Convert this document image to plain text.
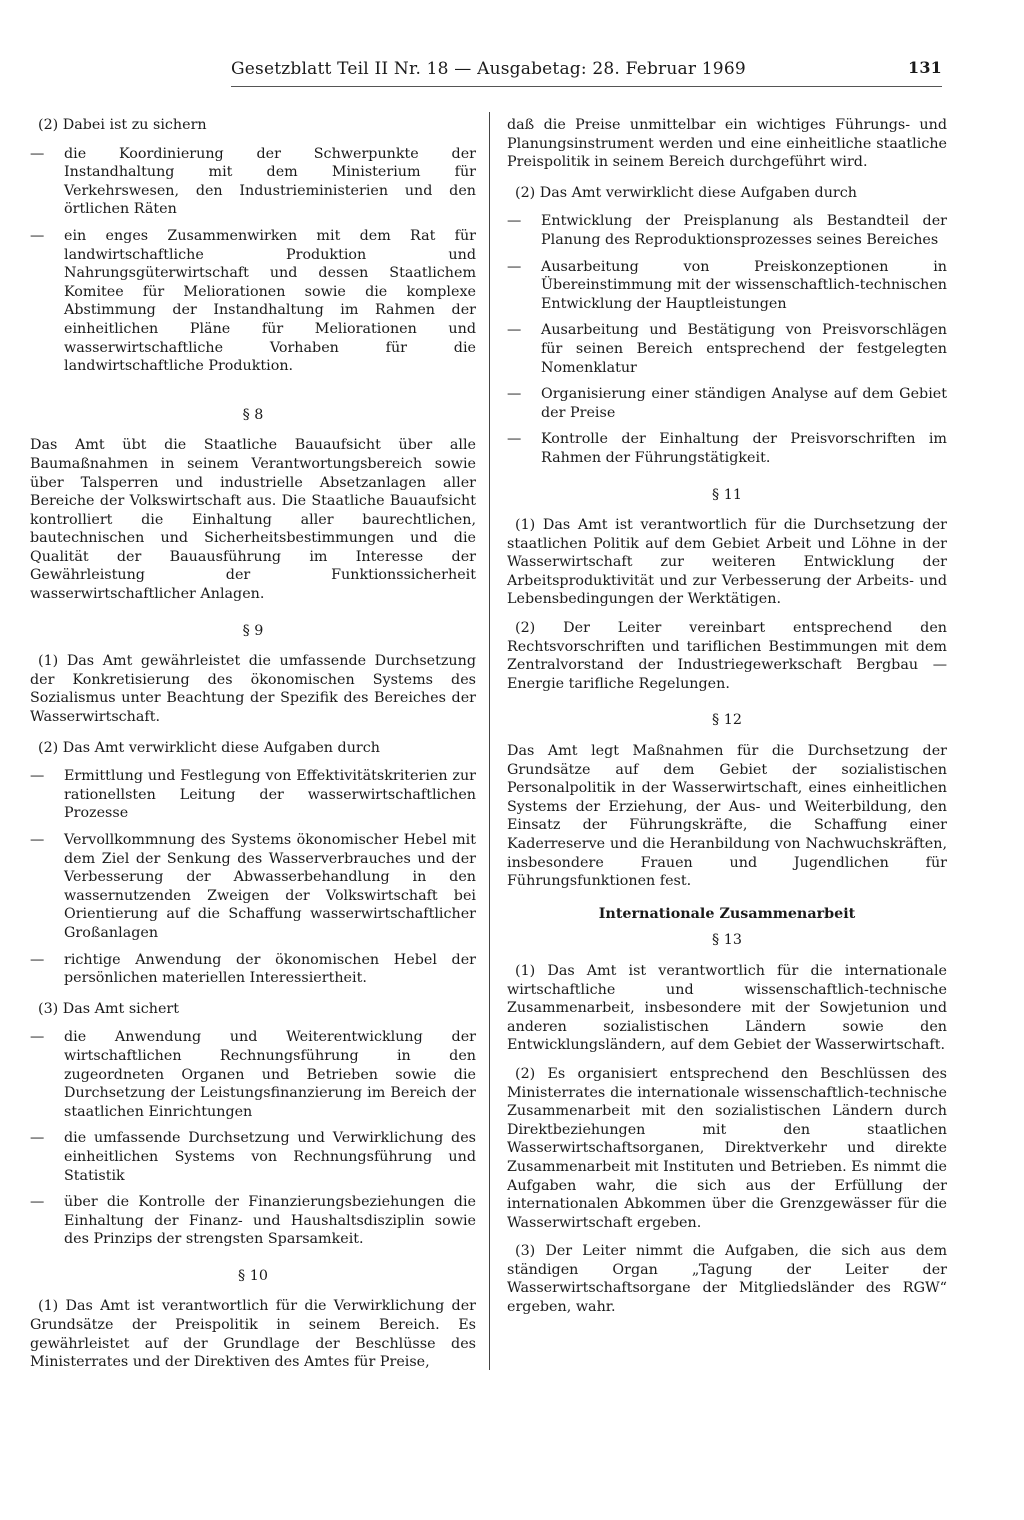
Gesetzblatt Teil II Nr. 18 — Ausgabetag: 28. Februar 1969	131

(2) Dabei ist zu sichern

— die Koordinierung der Schwerpunkte der Instandhaltung mit dem Ministerium für Verkehrswesen, den Industrieministerien und den örtlichen Räten
— ein enges Zusammenwirken mit dem Rat für landwirtschaftliche Produktion und Nahrungsgüterwirtschaft und dessen Staatlichem Komitee für Meliorationen sowie die komplexe Abstimmung der Instandhaltung im Rahmen der einheitlichen Pläne für Meliorationen und wasserwirtschaftliche Vorhaben für die landwirtschaftliche Produktion.

§ 8

Das Amt übt die Staatliche Bauaufsicht über alle Baumaßnahmen in seinem Verantwortungsbereich sowie über Talsperren und industrielle Absetzanlagen aller Bereiche der Volkswirtschaft aus. Die Staatliche Bauaufsicht kontrolliert die Einhaltung aller baurechtlichen, bautechnischen und Sicherheitsbestimmungen und die Qualität der Bauausführung im Interesse der Gewährleistung der Funktionssicherheit wasserwirtschaftlicher Anlagen.

§ 9

(1) Das Amt gewährleistet die umfassende Durchsetzung der Konkretisierung des ökonomischen Systems des Sozialismus unter Beachtung der Spezifik des Bereiches der Wasserwirtschaft.

(2) Das Amt verwirklicht diese Aufgaben durch

— Ermittlung und Festlegung von Effektivitätskriterien zur rationellsten Leitung der wasserwirtschaftlichen Prozesse
— Vervollkommnung des Systems ökonomischer Hebel mit dem Ziel der Senkung des Wasserverbrauches und der Verbesserung der Abwasserbehandlung in den wassernutzenden Zweigen der Volkswirtschaft bei Orientierung auf die Schaffung wasserwirtschaftlicher Großanlagen
— richtige Anwendung der ökonomischen Hebel der persönlichen materiellen Interessiertheit.

(3) Das Amt sichert

— die Anwendung und Weiterentwicklung der wirtschaftlichen Rechnungsführung in den zugeordneten Organen und Betrieben sowie die Durchsetzung der Leistungsfinanzierung im Bereich der staatlichen Einrichtungen
— die umfassende Durchsetzung und Verwirklichung des einheitlichen Systems von Rechnungsführung und Statistik
— über die Kontrolle der Finanzierungsbeziehungen die Einhaltung der Finanz- und Haushaltsdisziplin sowie des Prinzips der strengsten Sparsamkeit.

§ 10

(1) Das Amt ist verantwortlich für die Verwirklichung der Grundsätze der Preispolitik in seinem Bereich. Es gewährleistet auf der Grundlage der Beschlüsse des Ministerrates und der Direktiven des Amtes für Preise,

daß die Preise unmittelbar ein wichtiges Führungs- und Planungsinstrument werden und eine einheitliche staatliche Preispolitik in seinem Bereich durchgeführt wird.

(2) Das Amt verwirklicht diese Aufgaben durch

— Entwicklung der Preisplanung als Bestandteil der Planung des Reproduktionsprozesses seines Bereiches
— Ausarbeitung von Preiskonzeptionen in Übereinstimmung mit der wissenschaftlich-technischen Entwicklung der Hauptleistungen
— Ausarbeitung und Bestätigung von Preisvorschlägen für seinen Bereich entsprechend der festgelegten Nomenklatur
— Organisierung einer ständigen Analyse auf dem Gebiet der Preise
— Kontrolle der Einhaltung der Preisvorschriften im Rahmen der Führungstätigkeit.

§ 11

(1) Das Amt ist verantwortlich für die Durchsetzung der staatlichen Politik auf dem Gebiet Arbeit und Löhne in der Wasserwirtschaft zur weiteren Entwicklung der Arbeitsproduktivität und zur Verbesserung der Arbeits- und Lebensbedingungen der Werktätigen.

(2) Der Leiter vereinbart entsprechend den Rechtsvorschriften und tariflichen Bestimmungen mit dem Zentralvorstand der Industriegewerkschaft Bergbau — Energie tarifliche Regelungen.

§ 12

Das Amt legt Maßnahmen für die Durchsetzung der Grundsätze auf dem Gebiet der sozialistischen Personalpolitik in der Wasserwirtschaft, eines einheitlichen Systems der Erziehung, der Aus- und Weiterbildung, den Einsatz der Führungskräfte, die Schaffung einer Kaderreserve und die Heranbildung von Nachwuchskräften, insbesondere Frauen und Jugendlichen für Führungsfunktionen fest.

Internationale Zusammenarbeit

§ 13

(1) Das Amt ist verantwortlich für die internationale wirtschaftliche und wissenschaftlich-technische Zusammenarbeit, insbesondere mit der Sowjetunion und anderen sozialistischen Ländern sowie den Entwicklungsländern, auf dem Gebiet der Wasserwirtschaft.

(2) Es organisiert entsprechend den Beschlüssen des Ministerrates die internationale wissenschaftlich-technische Zusammenarbeit mit den sozialistischen Ländern durch Direktbeziehungen mit den staatlichen Wasserwirtschaftsorganen, Direktverkehr und direkte Zusammenarbeit mit Instituten und Betrieben. Es nimmt die Aufgaben wahr, die sich aus der Erfüllung der internationalen Abkommen über die Grenzgewässer für die Wasserwirtschaft ergeben.

(3) Der Leiter nimmt die Aufgaben, die sich aus dem ständigen Organ „Tagung der Leiter der Wasserwirtschaftsorgane der Mitgliedsländer des RGW“ ergeben, wahr.
